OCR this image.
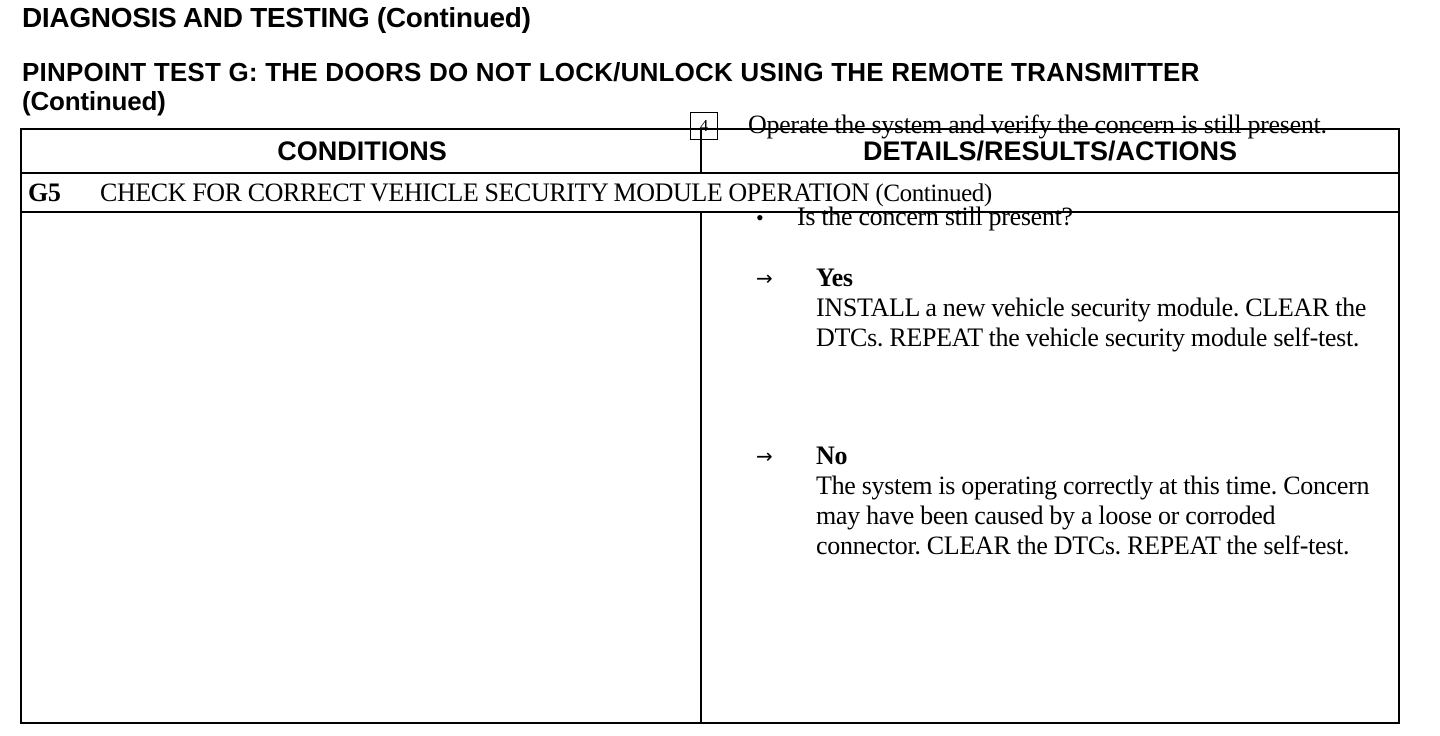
DIAGNOSIS AND TESTING (Continued)
PINPOINT TEST G: THE DOORS DO NOT LOCK/UNLOCK USING THE REMOTE TRANSMITTER
(Continued)
CONDITIONS	DETAILS/RESULTS/ACTIONS
G5 CHECK FOR CORRECT VEHICLE SECURITY MODULE OPERATION (Continued)
4	Operate the system and verify the concern is still present.
• Is the concern still present?
→ Yes
INSTALL a new vehicle security module. CLEAR the DTCs. REPEAT the vehicle security module self-test.
→ No
The system is operating correctly at this time. Concern may have been caused by a loose or corroded connector. CLEAR the DTCs. REPEAT the self-test.
